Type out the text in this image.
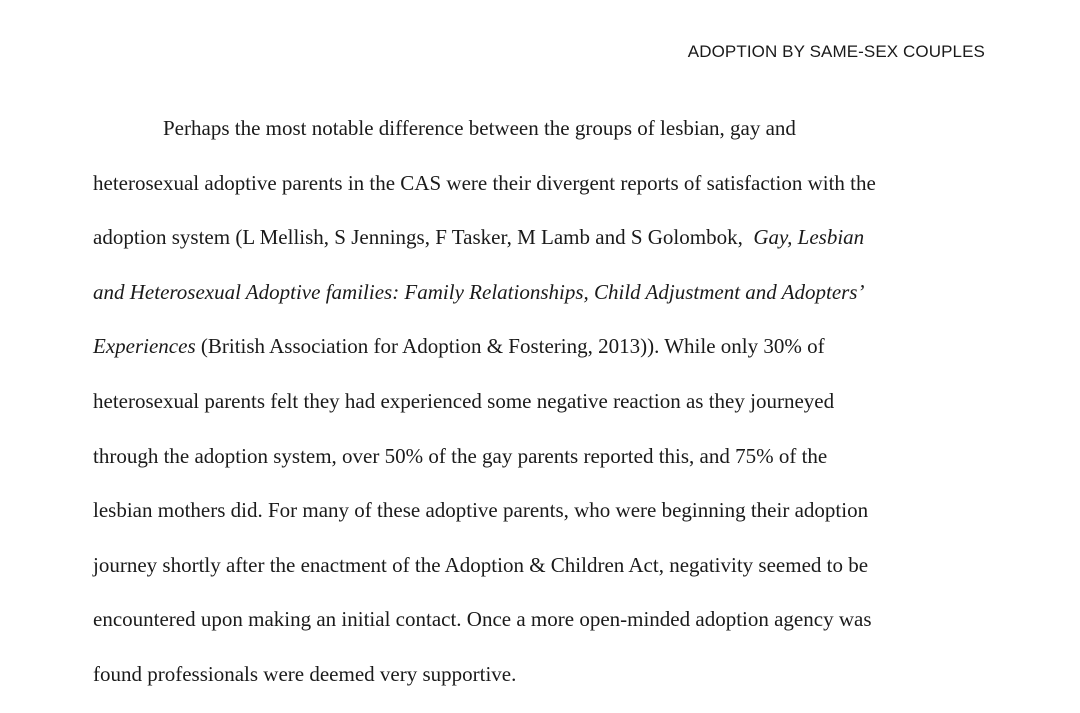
ADOPTION BY SAME-SEX COUPLES
Perhaps the most notable difference between the groups of lesbian, gay and
heterosexual adoptive parents in the CAS were their divergent reports of satisfaction with the
adoption system (L Mellish, S Jennings, F Tasker, M Lamb and S Golombok,  Gay, Lesbian
and Heterosexual Adoptive families: Family Relationships, Child Adjustment and Adopters’
Experiences (British Association for Adoption & Fostering, 2013)). While only 30% of
heterosexual parents felt they had experienced some negative reaction as they journeyed
through the adoption system, over 50% of the gay parents reported this, and 75% of the
lesbian mothers did. For many of these adoptive parents, who were beginning their adoption
journey shortly after the enactment of the Adoption & Children Act, negativity seemed to be
encountered upon making an initial contact. Once a more open-minded adoption agency was
found professionals were deemed very supportive.
